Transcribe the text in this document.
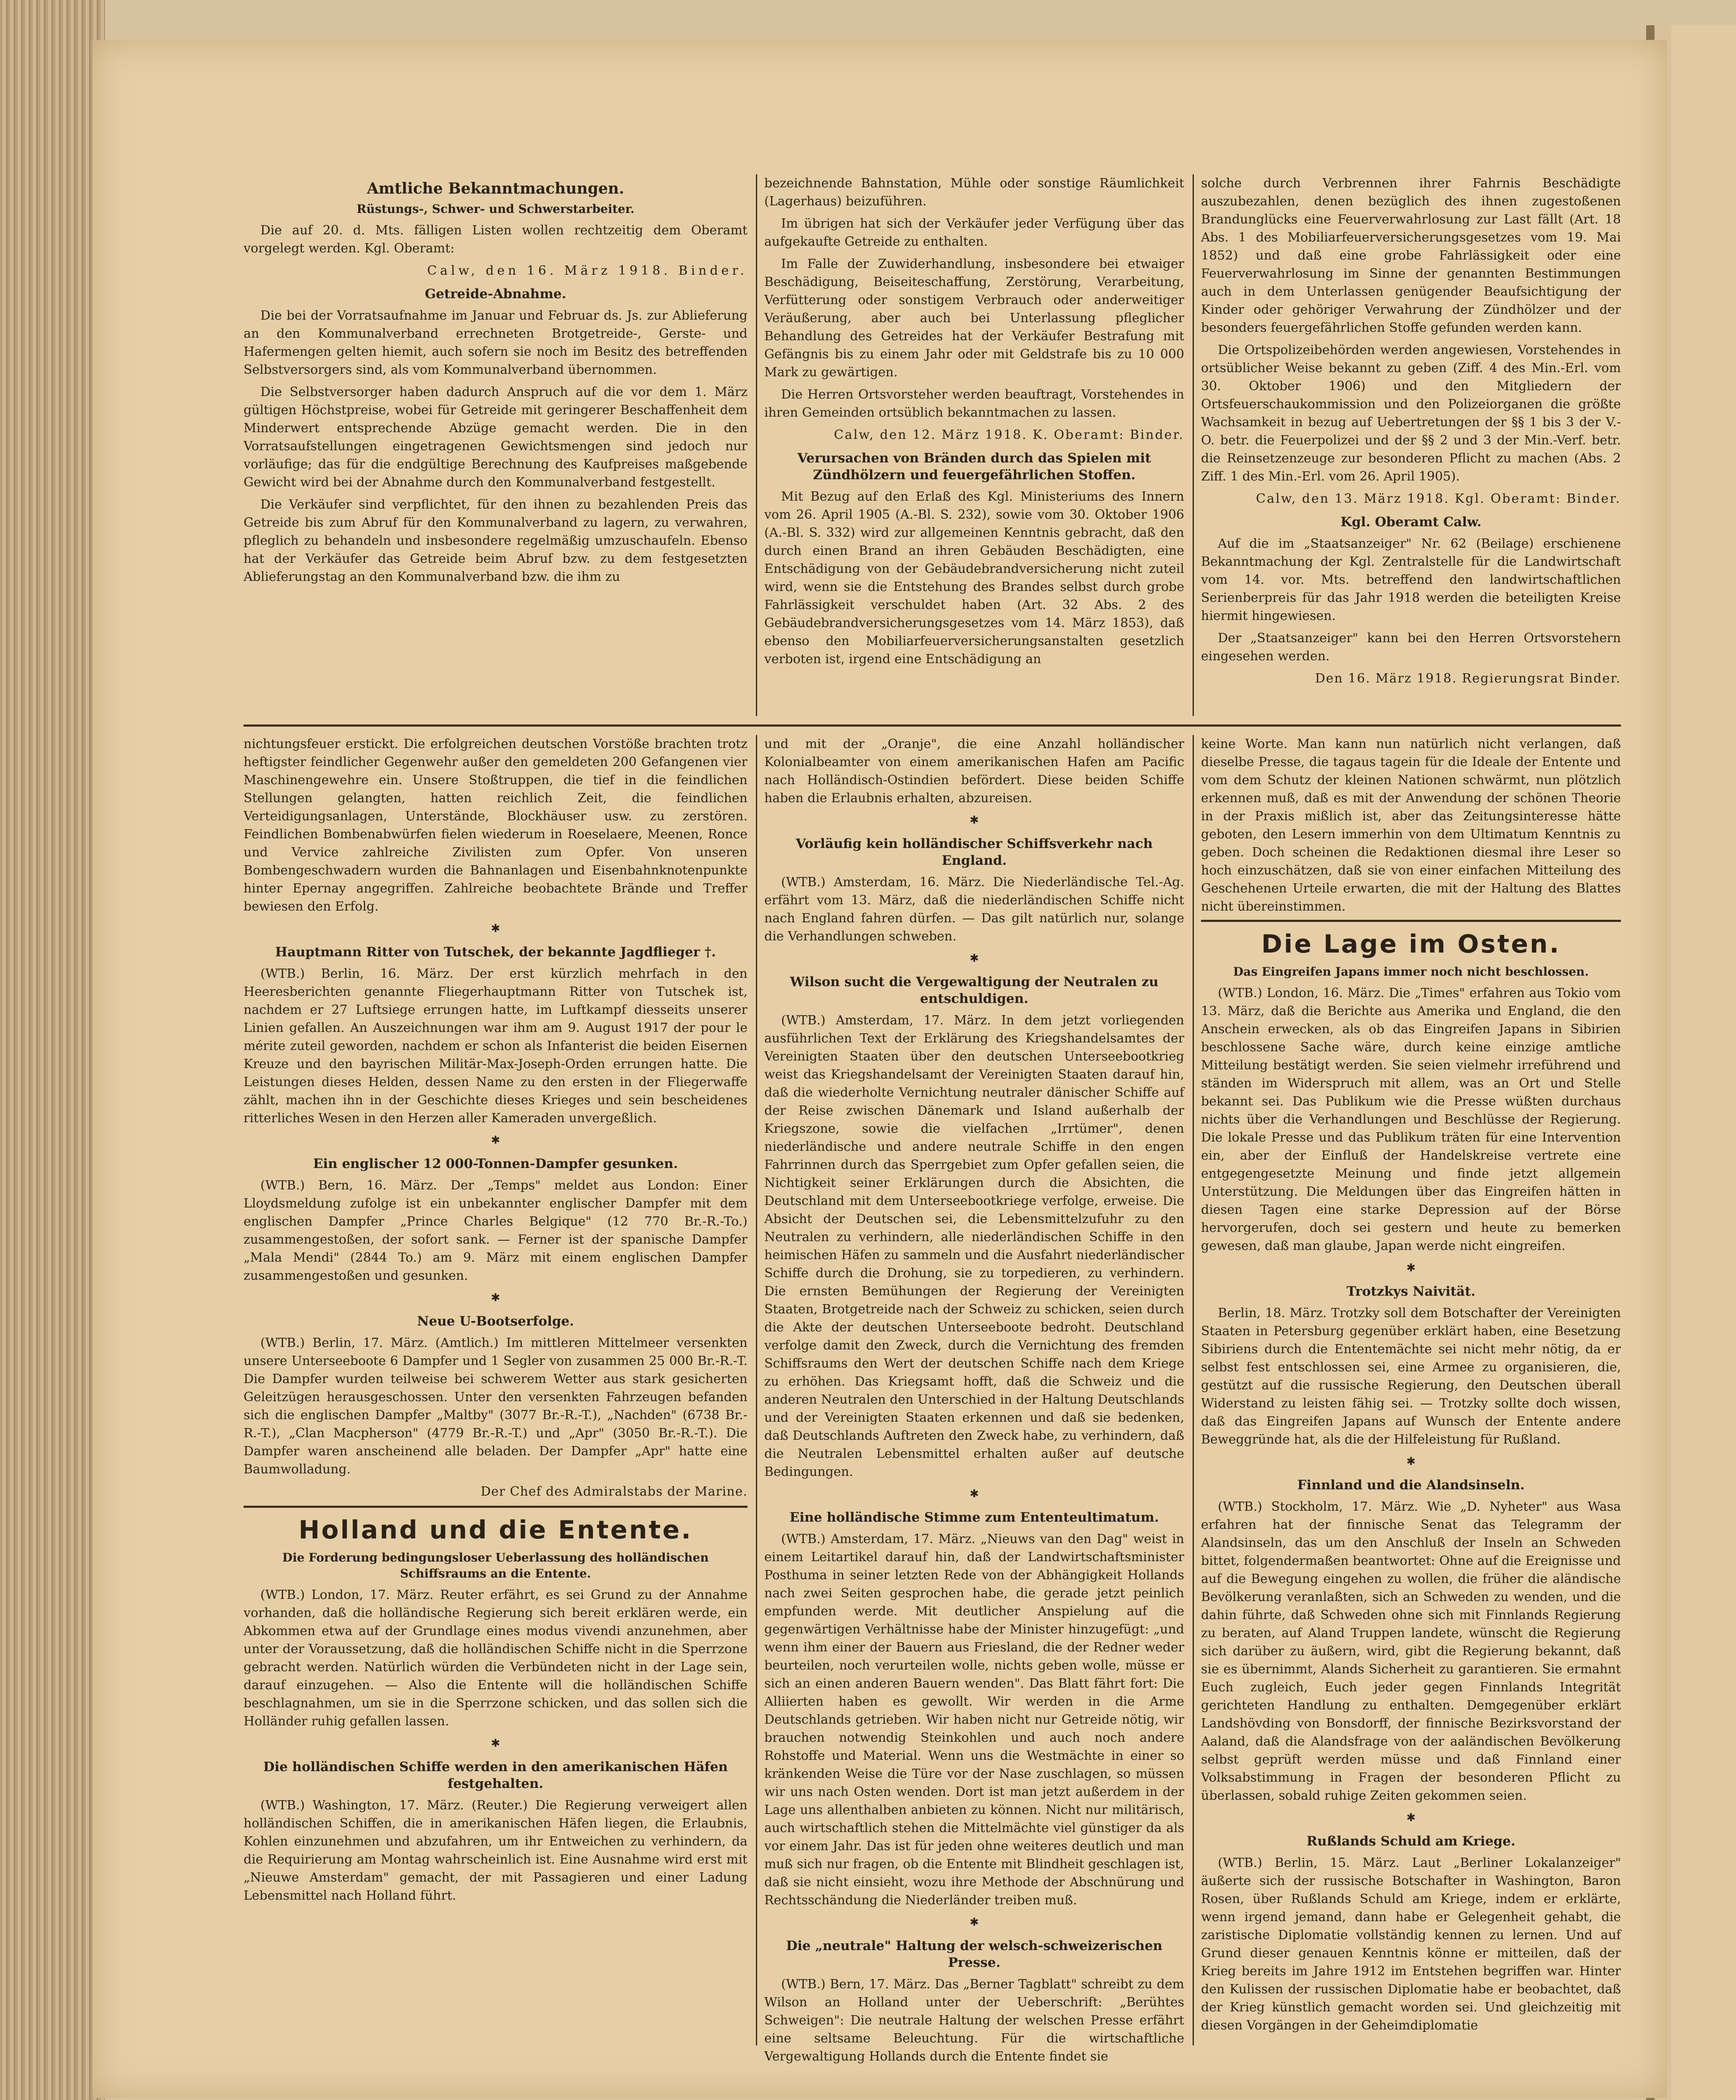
Amtliche Bekanntmachungen.
Rüstungs-, Schwer- und Schwerstarbeiter.

Die auf 20. d. Mts. fälligen Listen wollen rechtzeitig dem Oberamt vorgelegt werden. Kgl. Oberamt:

Calw, den 16. März 1918. Binder.
Getreide-Abnahme.

Die bei der Vorratsaufnahme im Januar und Februar ds. Js. zur Ablieferung an den Kommunalverband errechneten Brotgetreide-, Gerste- und Hafermengen gelten hiemit, auch sofern sie noch im Besitz des betreffenden Selbstversorgers sind, als vom Kommunalverband übernommen.

Die Selbstversorger haben dadurch Anspruch auf die vor dem 1. März gültigen Höchstpreise, wobei für Getreide mit geringerer Beschaffenheit dem Minderwert entsprechende Abzüge gemacht werden. Die in den Vorratsaufstellungen eingetragenen Gewichtsmengen sind jedoch nur vorläufige; das für die endgültige Berechnung des Kaufpreises maßgebende Gewicht wird bei der Abnahme durch den Kommunalverband festgestellt.

Die Verkäufer sind verpflichtet, für den ihnen zu bezahlenden Preis das Getreide bis zum Abruf für den Kommunalverband zu lagern, zu verwahren, pfleglich zu behandeln und insbesondere regelmäßig umzuschaufeln. Ebenso hat der Verkäufer das Getreide beim Abruf bzw. zu dem festgesetzten Ablieferungstag an den Kommunalverband bzw. die ihm zu

bezeichnende Bahnstation, Mühle oder sonstige Räumlichkeit (Lagerhaus) beizuführen.

Im übrigen hat sich der Verkäufer jeder Verfügung über das aufgekaufte Getreide zu enthalten.

Im Falle der Zuwiderhandlung, insbesondere bei etwaiger Beschädigung, Beiseiteschaffung, Zerstörung, Verarbeitung, Verfütterung oder sonstigem Verbrauch oder anderweitiger Veräußerung, aber auch bei Unterlassung pfleglicher Behandlung des Getreides hat der Verkäufer Bestrafung mit Gefängnis bis zu einem Jahr oder mit Geldstrafe bis zu 10 000 Mark zu gewärtigen.

Die Herren Ortsvorsteher werden beauftragt, Vorstehendes in ihren Gemeinden ortsüblich bekanntmachen zu lassen.

Calw, den 12. März 1918. K. Oberamt: Binder.
Verursachen von Bränden durch das Spielen mit Zündhölzern und feuergefährlichen Stoffen.

Mit Bezug auf den Erlaß des Kgl. Ministeriums des Innern vom 26. April 1905 (A.-Bl. S. 232), sowie vom 30. Oktober 1906 (A.-Bl. S. 332) wird zur allgemeinen Kenntnis gebracht, daß den durch einen Brand an ihren Gebäuden Beschädigten, eine Entschädigung von der Gebäudebrandversicherung nicht zuteil wird, wenn sie die Entstehung des Brandes selbst durch grobe Fahrlässigkeit verschuldet haben (Art. 32 Abs. 2 des Gebäudebrandversicherungsgesetzes vom 14. März 1853), daß ebenso den Mobiliarfeuerversicherungsanstalten gesetzlich verboten ist, irgend eine Entschädigung an

solche durch Verbrennen ihrer Fahrnis Beschädigte auszubezahlen, denen bezüglich des ihnen zugestoßenen Brandunglücks eine Feuerverwahrlosung zur Last fällt (Art. 18 Abs. 1 des Mobiliarfeuerversicherungsgesetzes vom 19. Mai 1852) und daß eine grobe Fahrlässigkeit oder eine Feuerverwahrlosung im Sinne der genannten Bestimmungen auch in dem Unterlassen genügender Beaufsichtigung der Kinder oder gehöriger Verwahrung der Zündhölzer und der besonders feuergefährlichen Stoffe gefunden werden kann.

Die Ortspolizeibehörden werden angewiesen, Vorstehendes in ortsüblicher Weise bekannt zu geben (Ziff. 4 des Min.-Erl. vom 30. Oktober 1906) und den Mitgliedern der Ortsfeuerschaukommission und den Polizeiorganen die größte Wachsamkeit in bezug auf Uebertretungen der §§ 1 bis 3 der V.-O. betr. die Feuerpolizei und der §§ 2 und 3 der Min.-Verf. betr. die Reinsetzenzeuge zur besonderen Pflicht zu machen (Abs. 2 Ziff. 1 des Min.-Erl. vom 26. April 1905).

Calw, den 13. März 1918. Kgl. Oberamt: Binder.
Kgl. Oberamt Calw.

Auf die im „Staatsanzeiger" Nr. 62 (Beilage) erschienene Bekanntmachung der Kgl. Zentralstelle für die Landwirtschaft vom 14. vor. Mts. betreffend den landwirtschaftlichen Serienberpreis für das Jahr 1918 werden die beteiligten Kreise hiermit hingewiesen.

Der „Staatsanzeiger" kann bei den Herren Ortsvorstehern eingesehen werden.

Den 16. März 1918. Regierungsrat Binder.

nichtungsfeuer erstickt. Die erfolgreichen deutschen Vorstöße brachten trotz heftigster feindlicher Gegenwehr außer den gemeldeten 200 Gefangenen vier Maschinengewehre ein. Unsere Stoßtruppen, die tief in die feindlichen Stellungen gelangten, hatten reichlich Zeit, die feindlichen Verteidigungsanlagen, Unterstände, Blockhäuser usw. zu zerstören. Feindlichen Bombenabwürfen fielen wiederum in Roeselaere, Meenen, Ronce und Vervice zahlreiche Zivilisten zum Opfer. Von unseren Bombengeschwadern wurden die Bahnanlagen und Eisenbahnknotenpunkte hinter Epernay angegriffen. Zahlreiche beobachtete Brände und Treffer bewiesen den Erfolg.

✱
Hauptmann Ritter von Tutschek, der bekannte Jagdflieger †.

(WTB.) Berlin, 16. März. Der erst kürzlich mehrfach in den Heeresberichten genannte Fliegerhauptmann Ritter von Tutschek ist, nachdem er 27 Luftsiege errungen hatte, im Luftkampf diesseits unserer Linien gefallen. An Auszeichnungen war ihm am 9. August 1917 der pour le mérite zuteil geworden, nachdem er schon als Infanterist die beiden Eisernen Kreuze und den bayrischen Militär-Max-Joseph-Orden errungen hatte. Die Leistungen dieses Helden, dessen Name zu den ersten in der Fliegerwaffe zählt, machen ihn in der Geschichte dieses Krieges und sein bescheidenes ritterliches Wesen in den Herzen aller Kameraden unvergeßlich.

✱
Ein englischer 12 000-Tonnen-Dampfer gesunken.

(WTB.) Bern, 16. März. Der „Temps" meldet aus London: Einer Lloydsmeldung zufolge ist ein unbekannter englischer Dampfer mit dem englischen Dampfer „Prince Charles Belgique" (12 770 Br.-R.-To.) zusammengestoßen, der sofort sank. — Ferner ist der spanische Dampfer „Mala Mendi" (2844 To.) am 9. März mit einem englischen Dampfer zusammengestoßen und gesunken.

✱
Neue U-Bootserfolge.

(WTB.) Berlin, 17. März. (Amtlich.) Im mittleren Mittelmeer versenkten unsere Unterseeboote 6 Dampfer und 1 Segler von zusammen 25 000 Br.-R.-T. Die Dampfer wurden teilweise bei schwerem Wetter aus stark gesicherten Geleitzügen herausgeschossen. Unter den versenkten Fahrzeugen befanden sich die englischen Dampfer „Maltby" (3077 Br.-R.-T.), „Nachden" (6738 Br.-R.-T.), „Clan Macpherson" (4779 Br.-R.-T.) und „Apr" (3050 Br.-R.-T.). Die Dampfer waren anscheinend alle beladen. Der Dampfer „Apr" hatte eine Baumwolladung.

Der Chef des Admiralstabs der Marine.
Holland und die Entente.
Die Forderung bedingungsloser Ueberlassung des holländischen Schiffsraums an die Entente.

(WTB.) London, 17. März. Reuter erfährt, es sei Grund zu der Annahme vorhanden, daß die holländische Regierung sich bereit erklären werde, ein Abkommen etwa auf der Grundlage eines modus vivendi anzunehmen, aber unter der Voraussetzung, daß die holländischen Schiffe nicht in die Sperrzone gebracht werden. Natürlich würden die Verbündeten nicht in der Lage sein, darauf einzugehen. — Also die Entente will die holländischen Schiffe beschlagnahmen, um sie in die Sperrzone schicken, und das sollen sich die Holländer ruhig gefallen lassen.

✱
Die holländischen Schiffe werden in den amerikanischen Häfen festgehalten.

(WTB.) Washington, 17. März. (Reuter.) Die Regierung verweigert allen holländischen Schiffen, die in amerikanischen Häfen liegen, die Erlaubnis, Kohlen einzunehmen und abzufahren, um ihr Entweichen zu verhindern, da die Requirierung am Montag wahrscheinlich ist. Eine Ausnahme wird erst mit „Nieuwe Amsterdam" gemacht, der mit Passagieren und einer Ladung Lebensmittel nach Holland führt.

und mit der „Oranje", die eine Anzahl holländischer Kolonialbeamter von einem amerikanischen Hafen am Pacific nach Holländisch-Ostindien befördert. Diese beiden Schiffe haben die Erlaubnis erhalten, abzureisen.

✱
Vorläufig kein holländischer Schiffsverkehr nach England.

(WTB.) Amsterdam, 16. März. Die Niederländische Tel.-Ag. erfährt vom 13. März, daß die niederländischen Schiffe nicht nach England fahren dürfen. — Das gilt natürlich nur, solange die Verhandlungen schweben.

✱
Wilson sucht die Vergewaltigung der Neutralen zu entschuldigen.

(WTB.) Amsterdam, 17. März. In dem jetzt vorliegenden ausführlichen Text der Erklärung des Kriegshandelsamtes der Vereinigten Staaten über den deutschen Unterseebootkrieg weist das Kriegshandelsamt der Vereinigten Staaten darauf hin, daß die wiederholte Vernichtung neutraler dänischer Schiffe auf der Reise zwischen Dänemark und Island außerhalb der Kriegszone, sowie die vielfachen „Irrtümer", denen niederländische und andere neutrale Schiffe in den engen Fahrrinnen durch das Sperrgebiet zum Opfer gefallen seien, die Nichtigkeit seiner Erklärungen durch die Absichten, die Deutschland mit dem Unterseebootkriege verfolge, erweise. Die Absicht der Deutschen sei, die Lebensmittelzufuhr zu den Neutralen zu verhindern, alle niederländischen Schiffe in den heimischen Häfen zu sammeln und die Ausfahrt niederländischer Schiffe durch die Drohung, sie zu torpedieren, zu verhindern. Die ernsten Bemühungen der Regierung der Vereinigten Staaten, Brotgetreide nach der Schweiz zu schicken, seien durch die Akte der deutschen Unterseeboote bedroht. Deutschland verfolge damit den Zweck, durch die Vernichtung des fremden Schiffsraums den Wert der deutschen Schiffe nach dem Kriege zu erhöhen. Das Kriegsamt hofft, daß die Schweiz und die anderen Neutralen den Unterschied in der Haltung Deutschlands und der Vereinigten Staaten erkennen und daß sie bedenken, daß Deutschlands Auftreten den Zweck habe, zu verhindern, daß die Neutralen Lebensmittel erhalten außer auf deutsche Bedingungen.

✱
Eine holländische Stimme zum Ententeultimatum.

(WTB.) Amsterdam, 17. März. „Nieuws van den Dag" weist in einem Leitartikel darauf hin, daß der Landwirtschaftsminister Posthuma in seiner letzten Rede von der Abhängigkeit Hollands nach zwei Seiten gesprochen habe, die gerade jetzt peinlich empfunden werde. Mit deutlicher Anspielung auf die gegenwärtigen Verhältnisse habe der Minister hinzugefügt: „und wenn ihm einer der Bauern aus Friesland, die der Redner weder beurteilen, noch verurteilen wolle, nichts geben wolle, müsse er sich an einen anderen Bauern wenden". Das Blatt fährt fort: Die Alliierten haben es gewollt. Wir werden in die Arme Deutschlands getrieben. Wir haben nicht nur Getreide nötig, wir brauchen notwendig Steinkohlen und auch noch andere Rohstoffe und Material. Wenn uns die Westmächte in einer so kränkenden Weise die Türe vor der Nase zuschlagen, so müssen wir uns nach Osten wenden. Dort ist man jetzt außerdem in der Lage uns allenthalben anbieten zu können. Nicht nur militärisch, auch wirtschaftlich stehen die Mittelmächte viel günstiger da als vor einem Jahr. Das ist für jeden ohne weiteres deutlich und man muß sich nur fragen, ob die Entente mit Blindheit geschlagen ist, daß sie nicht einsieht, wozu ihre Methode der Abschnürung und Rechtsschändung die Niederländer treiben muß.

✱
Die „neutrale" Haltung der welsch-schweizerischen Presse.

(WTB.) Bern, 17. März. Das „Berner Tagblatt" schreibt zu dem Wilson an Holland unter der Ueberschrift: „Berühtes Schweigen": Die neutrale Haltung der welschen Presse erfährt eine seltsame Beleuchtung. Für die wirtschaftliche Vergewaltigung Hollands durch die Entente findet sie

keine Worte. Man kann nun natürlich nicht verlangen, daß dieselbe Presse, die tagaus tagein für die Ideale der Entente und vom dem Schutz der kleinen Nationen schwärmt, nun plötzlich erkennen muß, daß es mit der Anwendung der schönen Theorie in der Praxis mißlich ist, aber das Zeitungsinteresse hätte geboten, den Lesern immerhin von dem Ultimatum Kenntnis zu geben. Doch scheinen die Redaktionen diesmal ihre Leser so hoch einzuschätzen, daß sie von einer einfachen Mitteilung des Geschehenen Urteile erwarten, die mit der Haltung des Blattes nicht übereinstimmen.

Die Lage im Osten.
Das Eingreifen Japans immer noch nicht beschlossen.

(WTB.) London, 16. März. Die „Times" erfahren aus Tokio vom 13. März, daß die Berichte aus Amerika und England, die den Anschein erwecken, als ob das Eingreifen Japans in Sibirien beschlossene Sache wäre, durch keine einzige amtliche Mitteilung bestätigt werden. Sie seien vielmehr irreführend und ständen im Widerspruch mit allem, was an Ort und Stelle bekannt sei. Das Publikum wie die Presse wüßten durchaus nichts über die Verhandlungen und Beschlüsse der Regierung. Die lokale Presse und das Publikum träten für eine Intervention ein, aber der Einfluß der Handelskreise vertrete eine entgegengesetzte Meinung und finde jetzt allgemein Unterstützung. Die Meldungen über das Eingreifen hätten in diesen Tagen eine starke Depression auf der Börse hervorgerufen, doch sei gestern und heute zu bemerken gewesen, daß man glaube, Japan werde nicht eingreifen.

✱
Trotzkys Naivität.

Berlin, 18. März. Trotzky soll dem Botschafter der Vereinigten Staaten in Petersburg gegenüber erklärt haben, eine Besetzung Sibiriens durch die Ententemächte sei nicht mehr nötig, da er selbst fest entschlossen sei, eine Armee zu organisieren, die, gestützt auf die russische Regierung, den Deutschen überall Widerstand zu leisten fähig sei. — Trotzky sollte doch wissen, daß das Eingreifen Japans auf Wunsch der Entente andere Beweggründe hat, als die der Hilfeleistung für Rußland.

✱
Finnland und die Alandsinseln.

(WTB.) Stockholm, 17. März. Wie „D. Nyheter" aus Wasa erfahren hat der finnische Senat das Telegramm der Alandsinseln, das um den Anschluß der Inseln an Schweden bittet, folgendermaßen beantwortet: Ohne auf die Ereignisse und auf die Bewegung eingehen zu wollen, die früher die aländische Bevölkerung veranlaßten, sich an Schweden zu wenden, und die dahin führte, daß Schweden ohne sich mit Finnlands Regierung zu beraten, auf Aland Truppen landete, wünscht die Regierung sich darüber zu äußern, wird, gibt die Regierung bekannt, daß sie es übernimmt, Alands Sicherheit zu garantieren. Sie ermahnt Euch zugleich, Euch jeder gegen Finnlands Integrität gerichteten Handlung zu enthalten. Demgegenüber erklärt Landshövding von Bonsdorff, der finnische Bezirksvorstand der Aaland, daß die Alandsfrage von der aaländischen Bevölkerung selbst geprüft werden müsse und daß Finnland einer Volksabstimmung in Fragen der besonderen Pflicht zu überlassen, sobald ruhige Zeiten gekommen seien.

✱
Rußlands Schuld am Kriege.

(WTB.) Berlin, 15. März. Laut „Berliner Lokalanzeiger" äußerte sich der russische Botschafter in Washington, Baron Rosen, über Rußlands Schuld am Kriege, indem er erklärte, wenn irgend jemand, dann habe er Gelegenheit gehabt, die zaristische Diplomatie vollständig kennen zu lernen. Und auf Grund dieser genauen Kenntnis könne er mitteilen, daß der Krieg bereits im Jahre 1912 im Entstehen begriffen war. Hinter den Kulissen der russischen Diplomatie habe er beobachtet, daß der Krieg künstlich gemacht worden sei. Und gleichzeitig mit diesen Vorgängen in der Geheimdiplomatie
